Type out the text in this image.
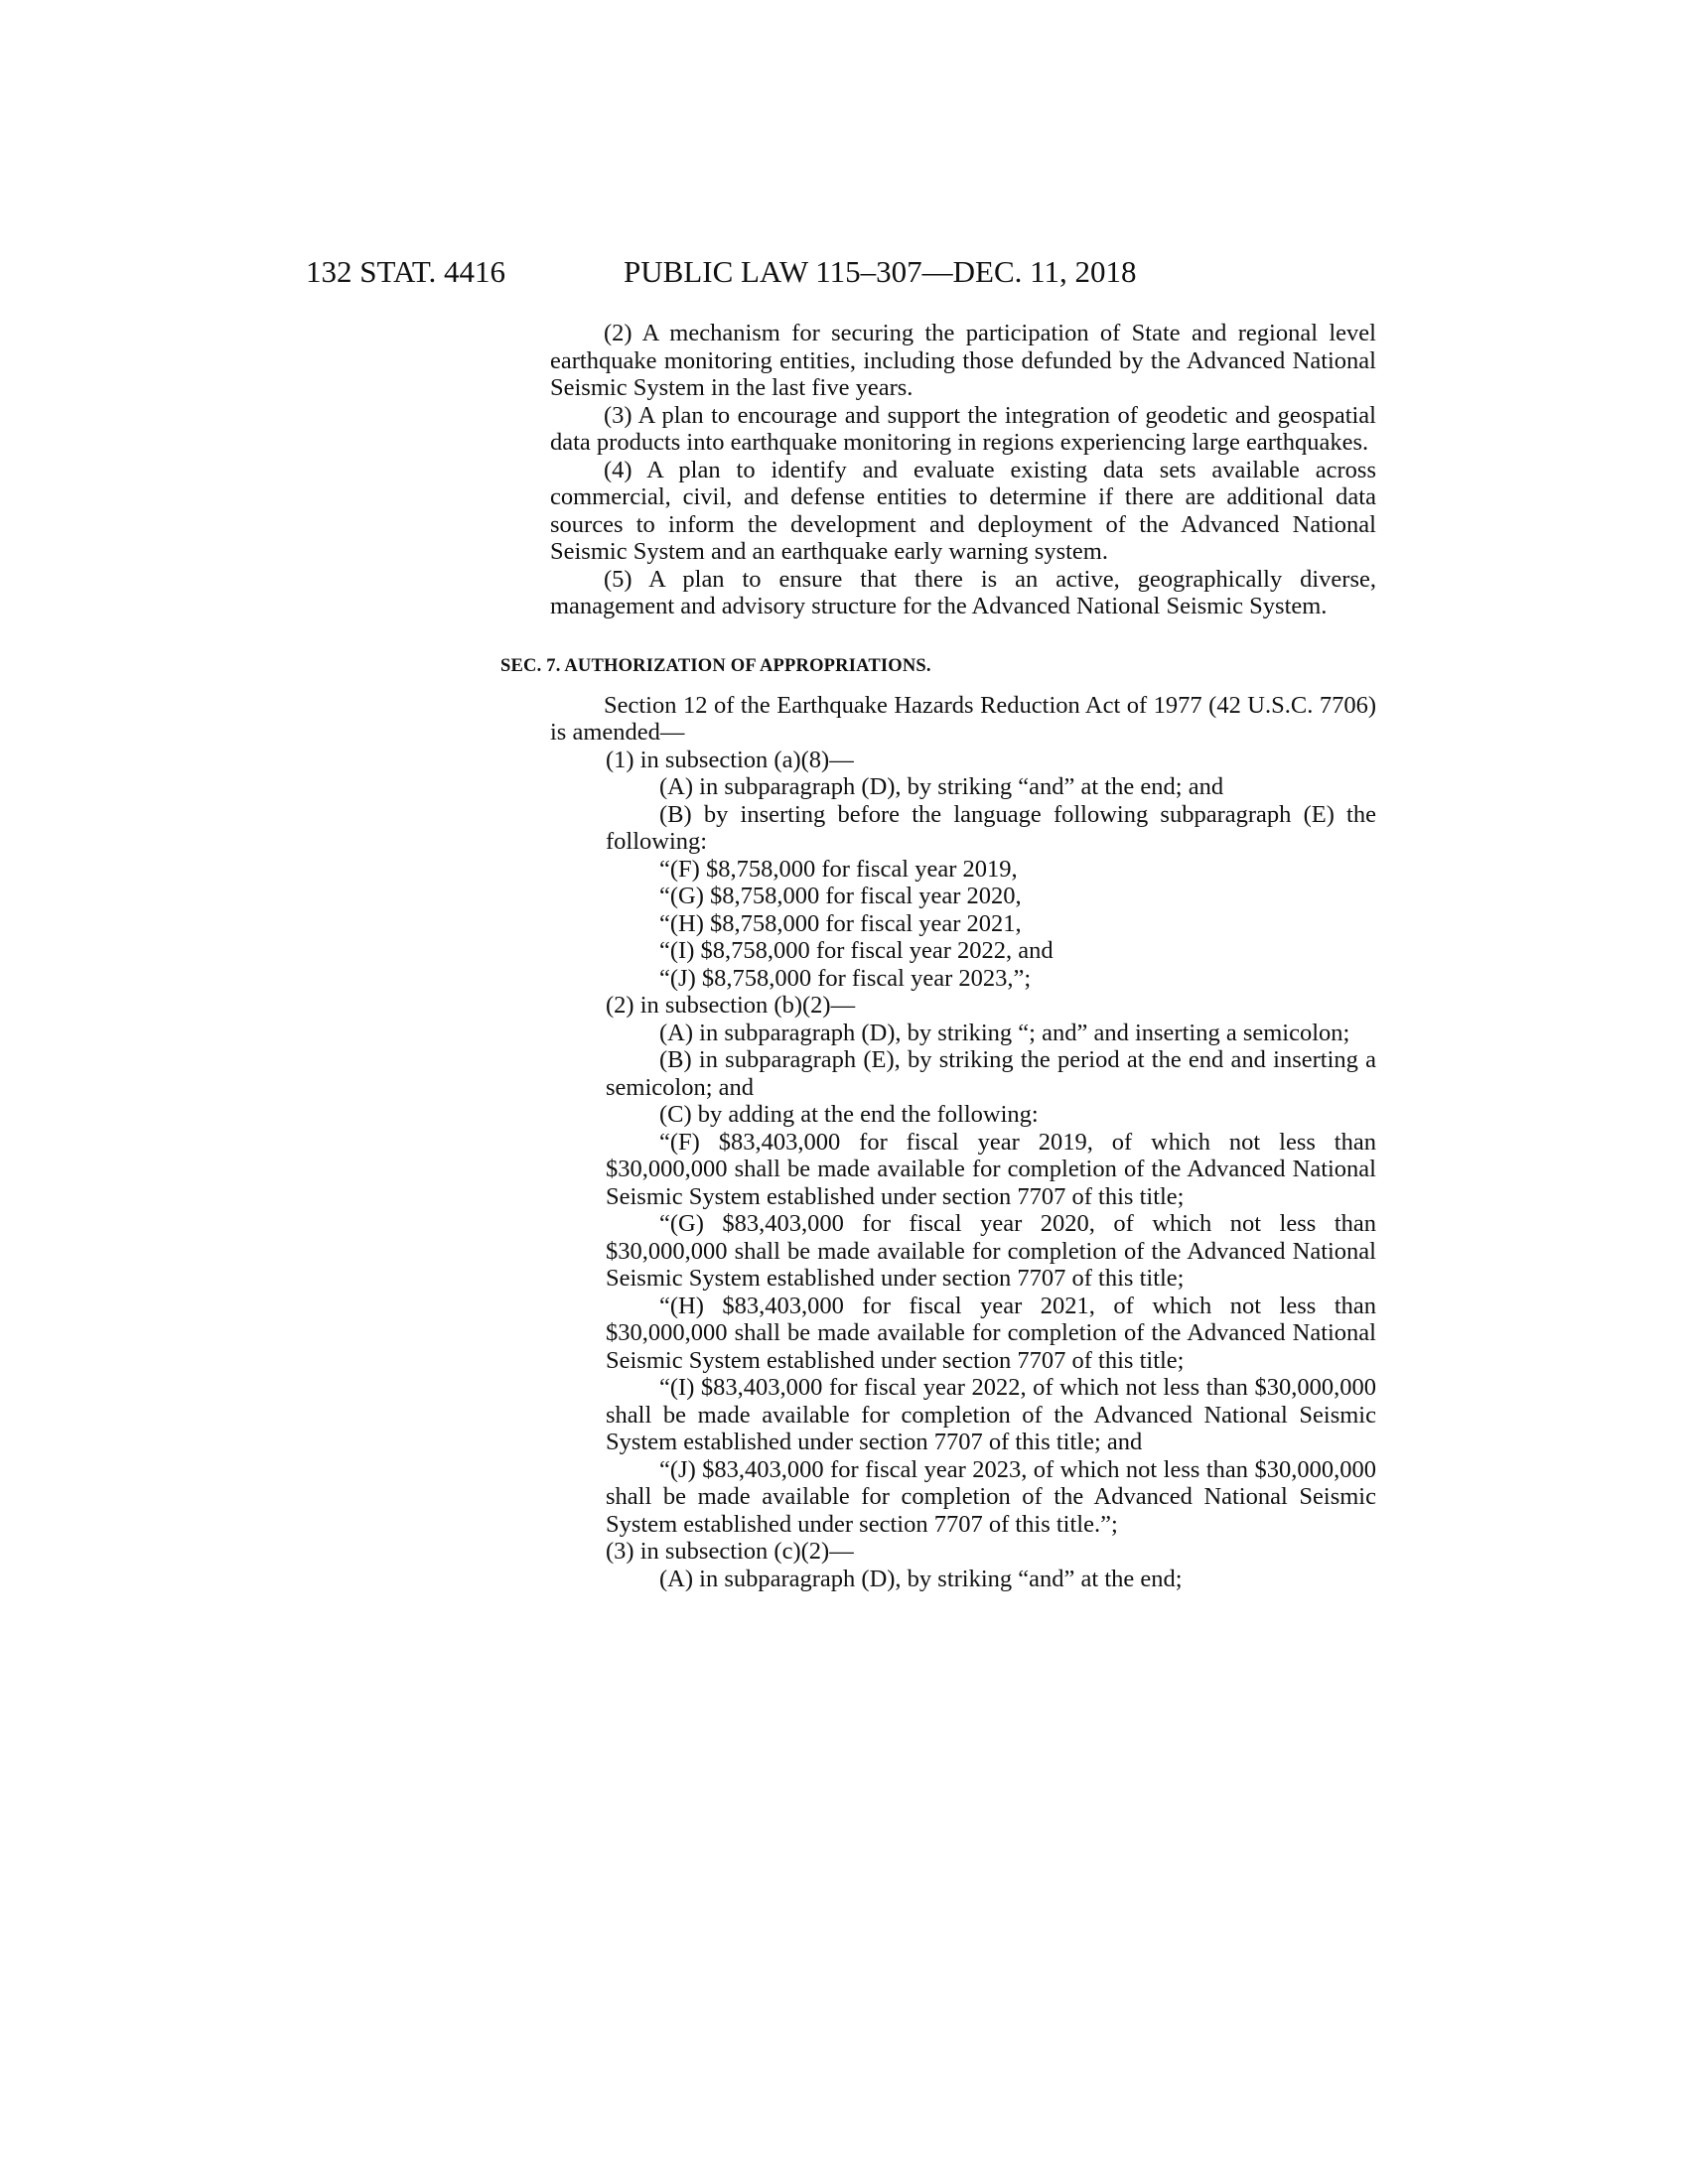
132 STAT. 4416	PUBLIC LAW 115–307—DEC. 11, 2018

(2) A mechanism for securing the participation of State and regional level earthquake monitoring entities, including those defunded by the Advanced National Seismic System in the last five years.

(3) A plan to encourage and support the integration of geodetic and geospatial data products into earthquake monitoring in regions experiencing large earthquakes.

(4) A plan to identify and evaluate existing data sets available across commercial, civil, and defense entities to determine if there are additional data sources to inform the development and deployment of the Advanced National Seismic System and an earthquake early warning system.

(5) A plan to ensure that there is an active, geographically diverse, management and advisory structure for the Advanced National Seismic System.

SEC. 7. AUTHORIZATION OF APPROPRIATIONS.

Section 12 of the Earthquake Hazards Reduction Act of 1977 (42 U.S.C. 7706) is amended—

(1) in subsection (a)(8)—

(A) in subparagraph (D), by striking “and” at the end; and

(B) by inserting before the language following subparagraph (E) the following:

“(F) $8,758,000 for fiscal year 2019,

“(G) $8,758,000 for fiscal year 2020,

“(H) $8,758,000 for fiscal year 2021,

“(I) $8,758,000 for fiscal year 2022, and

“(J) $8,758,000 for fiscal year 2023,”;

(2) in subsection (b)(2)—

(A) in subparagraph (D), by striking “; and” and inserting a semicolon;

(B) in subparagraph (E), by striking the period at the end and inserting a semicolon; and

(C) by adding at the end the following:

“(F) $83,403,000 for fiscal year 2019, of which not less than $30,000,000 shall be made available for completion of the Advanced National Seismic System established under section 7707 of this title;

“(G) $83,403,000 for fiscal year 2020, of which not less than $30,000,000 shall be made available for completion of the Advanced National Seismic System established under section 7707 of this title;

“(H) $83,403,000 for fiscal year 2021, of which not less than $30,000,000 shall be made available for completion of the Advanced National Seismic System established under section 7707 of this title;

“(I) $83,403,000 for fiscal year 2022, of which not less than $30,000,000 shall be made available for completion of the Advanced National Seismic System established under section 7707 of this title; and

“(J) $83,403,000 for fiscal year 2023, of which not less than $30,000,000 shall be made available for completion of the Advanced National Seismic System established under section 7707 of this title.”;

(3) in subsection (c)(2)—

(A) in subparagraph (D), by striking “and” at the end;
